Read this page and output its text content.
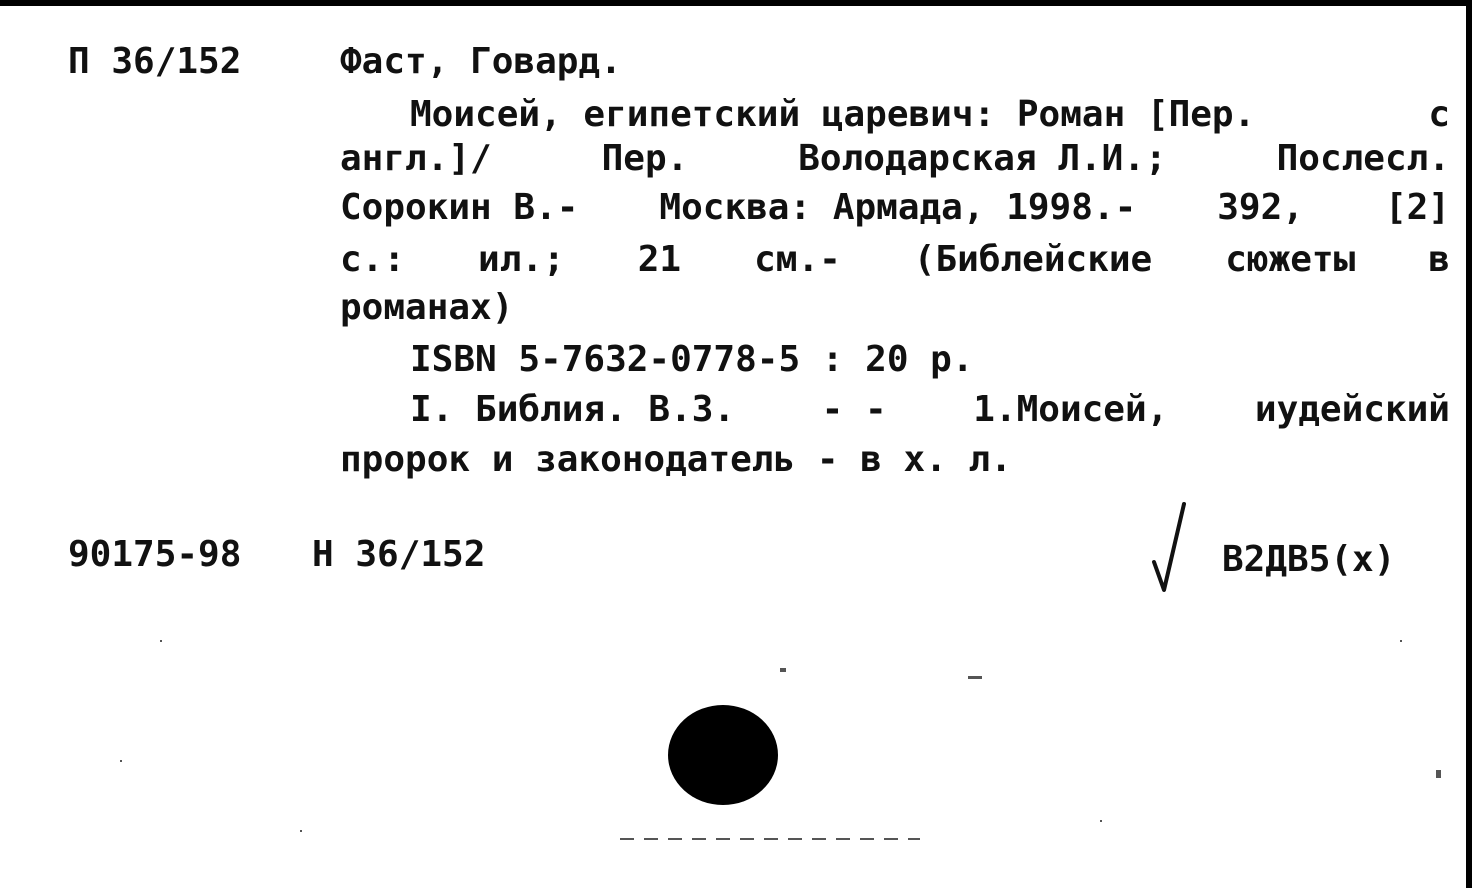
П 36/152	Фаст, Говард.
Моисей, египетский царевич: Роман [Пер.	с
англ.]/	Пер.	Володарская Л.И.;	Послесл.
Сорокин В.- Москва: Армада, 1998.- 392, [2]
с.: ил.; 21 см.- (Библейские сюжеты в
романах)
ISBN 5-7632-0778-5 : 20 р.
I. Библия. В.З. - - 1.Моисей, иудейский
пророк и законодатель - в х. л.
90175-98 Н 36/152	В2ДВ5(х)
